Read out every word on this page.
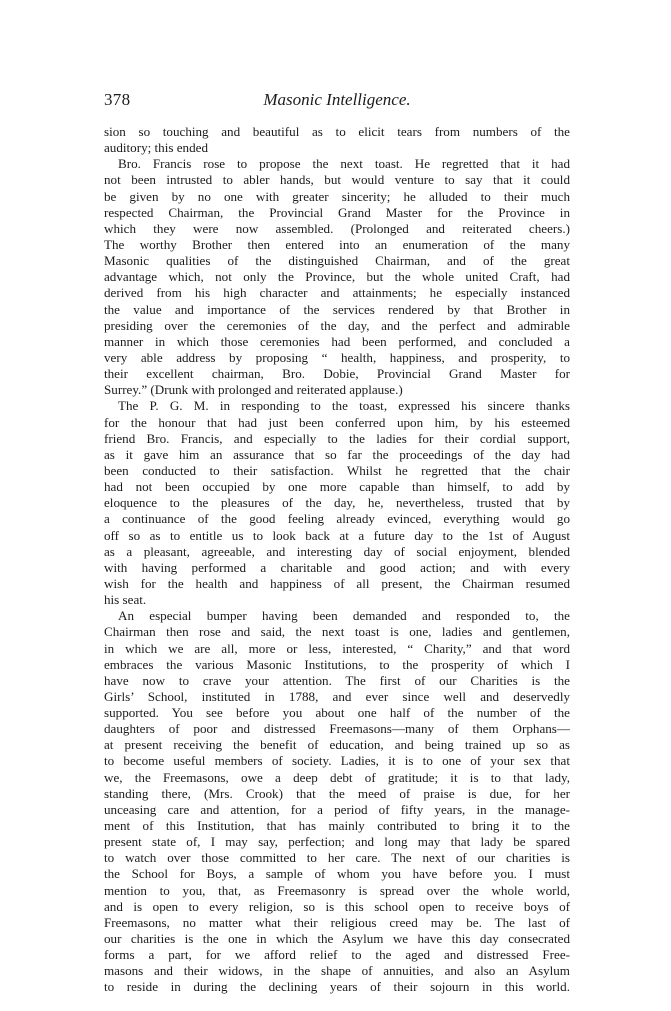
378	Masonic Intelligence.
sion so touching and beautiful as to elicit tears from numbers of the
auditory; this ended
Bro. Francis rose to propose the next toast. He regretted that it had
not been intrusted to abler hands, but would venture to say that it could
be given by no one with greater sincerity; he alluded to their much
respected Chairman, the Provincial Grand Master for the Province in
which they were now assembled. (Prolonged and reiterated cheers.)
The worthy Brother then entered into an enumeration of the many
Masonic qualities of the distinguished Chairman, and of the great
advantage which, not only the Province, but the whole united Craft, had
derived from his high character and attainments; he especially instanced
the value and importance of the services rendered by that Brother in
presiding over the ceremonies of the day, and the perfect and admirable
manner in which those ceremonies had been performed, and concluded a
very able address by proposing “ health, happiness, and prosperity, to
their excellent chairman, Bro. Dobie, Provincial Grand Master for
Surrey.” (Drunk with prolonged and reiterated applause.)
The P. G. M. in responding to the toast, expressed his sincere thanks
for the honour that had just been conferred upon him, by his esteemed
friend Bro. Francis, and especially to the ladies for their cordial support,
as it gave him an assurance that so far the proceedings of the day had
been conducted to their satisfaction. Whilst he regretted that the chair
had not been occupied by one more capable than himself, to add by
eloquence to the pleasures of the day, he, nevertheless, trusted that by
a continuance of the good feeling already evinced, everything would go
off so as to entitle us to look back at a future day to the 1st of August
as a pleasant, agreeable, and interesting day of social enjoyment, blended
with having performed a charitable and good action; and with every
wish for the health and happiness of all present, the Chairman resumed
his seat.
An especial bumper having been demanded and responded to, the
Chairman then rose and said, the next toast is one, ladies and gentlemen,
in which we are all, more or less, interested, “ Charity,” and that word
embraces the various Masonic Institutions, to the prosperity of which I
have now to crave your attention. The first of our Charities is the
Girls’ School, instituted in 1788, and ever since well and deservedly
supported. You see before you about one half of the number of the
daughters of poor and distressed Freemasons—many of them Orphans—
at present receiving the benefit of education, and being trained up so as
to become useful members of society. Ladies, it is to one of your sex that
we, the Freemasons, owe a deep debt of gratitude; it is to that lady,
standing there, (Mrs. Crook) that the meed of praise is due, for her
unceasing care and attention, for a period of fifty years, in the manage-
ment of this Institution, that has mainly contributed to bring it to the
present state of, I may say, perfection; and long may that lady be spared
to watch over those committed to her care. The next of our charities is
the School for Boys, a sample of whom you have before you. I must
mention to you, that, as Freemasonry is spread over the whole world,
and is open to every religion, so is this school open to receive boys of
Freemasons, no matter what their religious creed may be. The last of
our charities is the one in which the Asylum we have this day consecrated
forms a part, for we afford relief to the aged and distressed Free-
masons and their widows, in the shape of annuities, and also an Asylum
to reside in during the declining years of their sojourn in this world.
